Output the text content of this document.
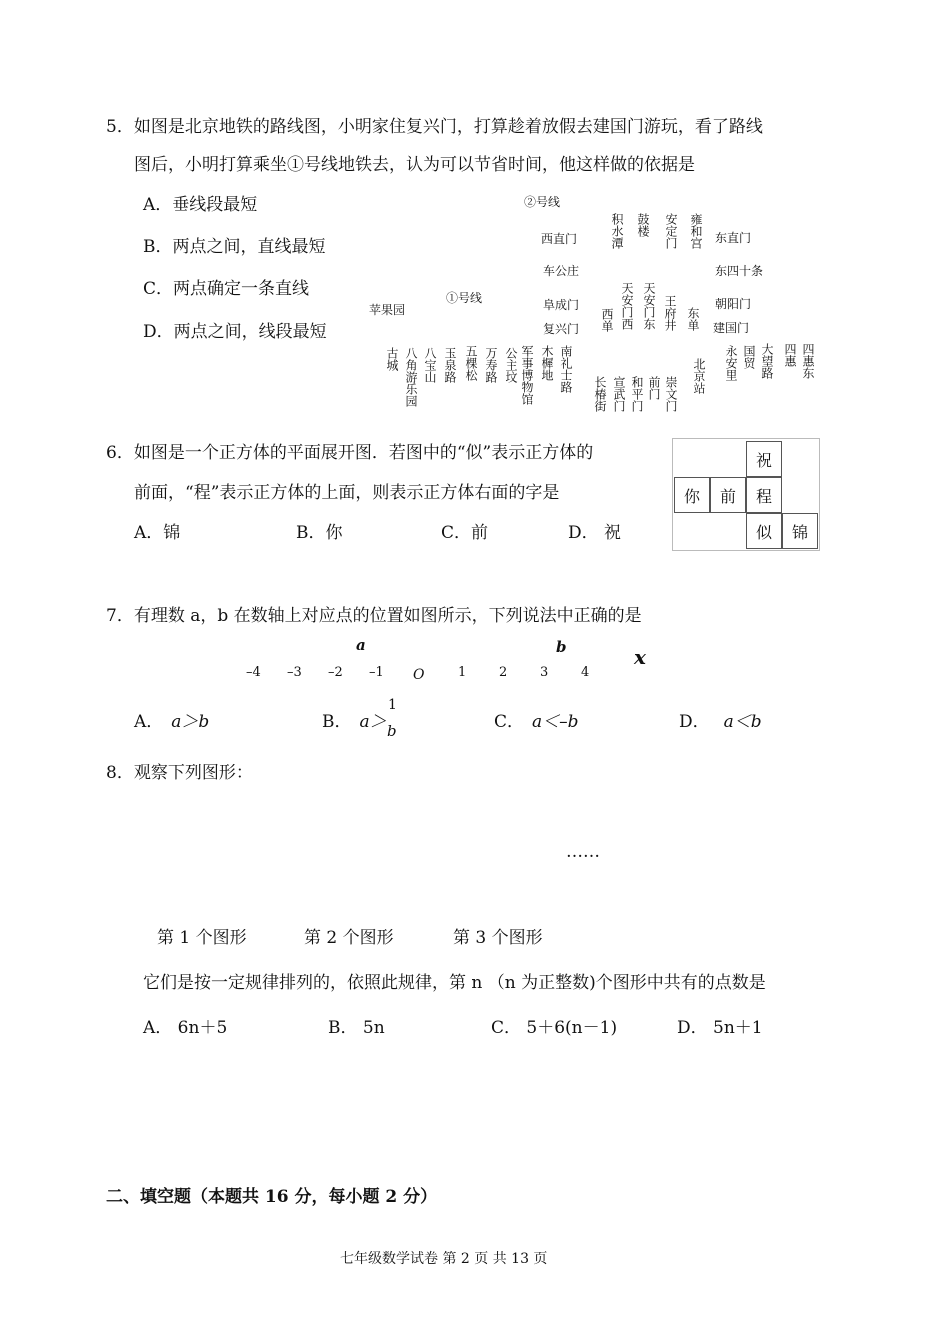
5．如图是北京地铁的路线图，小明家住复兴门，打算趁着放假去建国门游玩，看了路线
图后，小明打算乘坐①号线地铁去，认为可以节省时间，他这样做的依据是
A．垂线段最短
B．两点之间，直线最短
C．两点确定一条直线
D．两点之间，线段最短
②号线
①号线
西直门
车公庄
阜成门
复兴门
苹果园
东直门
东四十条
朝阳门
建国门
积水潭 鼓楼 安定门 雍和宫
天安门西 天安门东
西单	王府井 东单
古城 八角游乐园 八宝山 玉泉路 五棵松 万寿路 公主坟 军事博物馆 木樨地 南礼士路
长椿街 宣武门 和平门 前门 崇文门 北京站 永安里 国贸 大望路 四惠 四惠东
6．如图是一个正方体的平面展开图．若图中的“似”表示正方体的
前面，“程”表示正方体的上面，则表示正方体右面的字是
A．锦	B．你	C．前	D． 祝
祝
你	前	程
似	锦
7．有理数 a，b 在数轴上对应点的位置如图所示，下列说法中正确的是
a	b	x
O
–4 –3 –2 –1	1	2	3	4
A． a＞b	B． a＞
1
b	C． a＜–b	D． a＜b
8．观察下列图形：
……
第 1 个图形	第 2 个图形	第 3 个图形
它们是按一定规律排列的，依照此规律，第 n （n 为正整数)个图形中共有的点数是
A． 6n＋5	B． 5n	C． 5＋6(n－1)	D． 5n＋1
二、填空题（本题共 16 分，每小题 2 分）
七年级数学试卷 第 2 页 共 13 页
